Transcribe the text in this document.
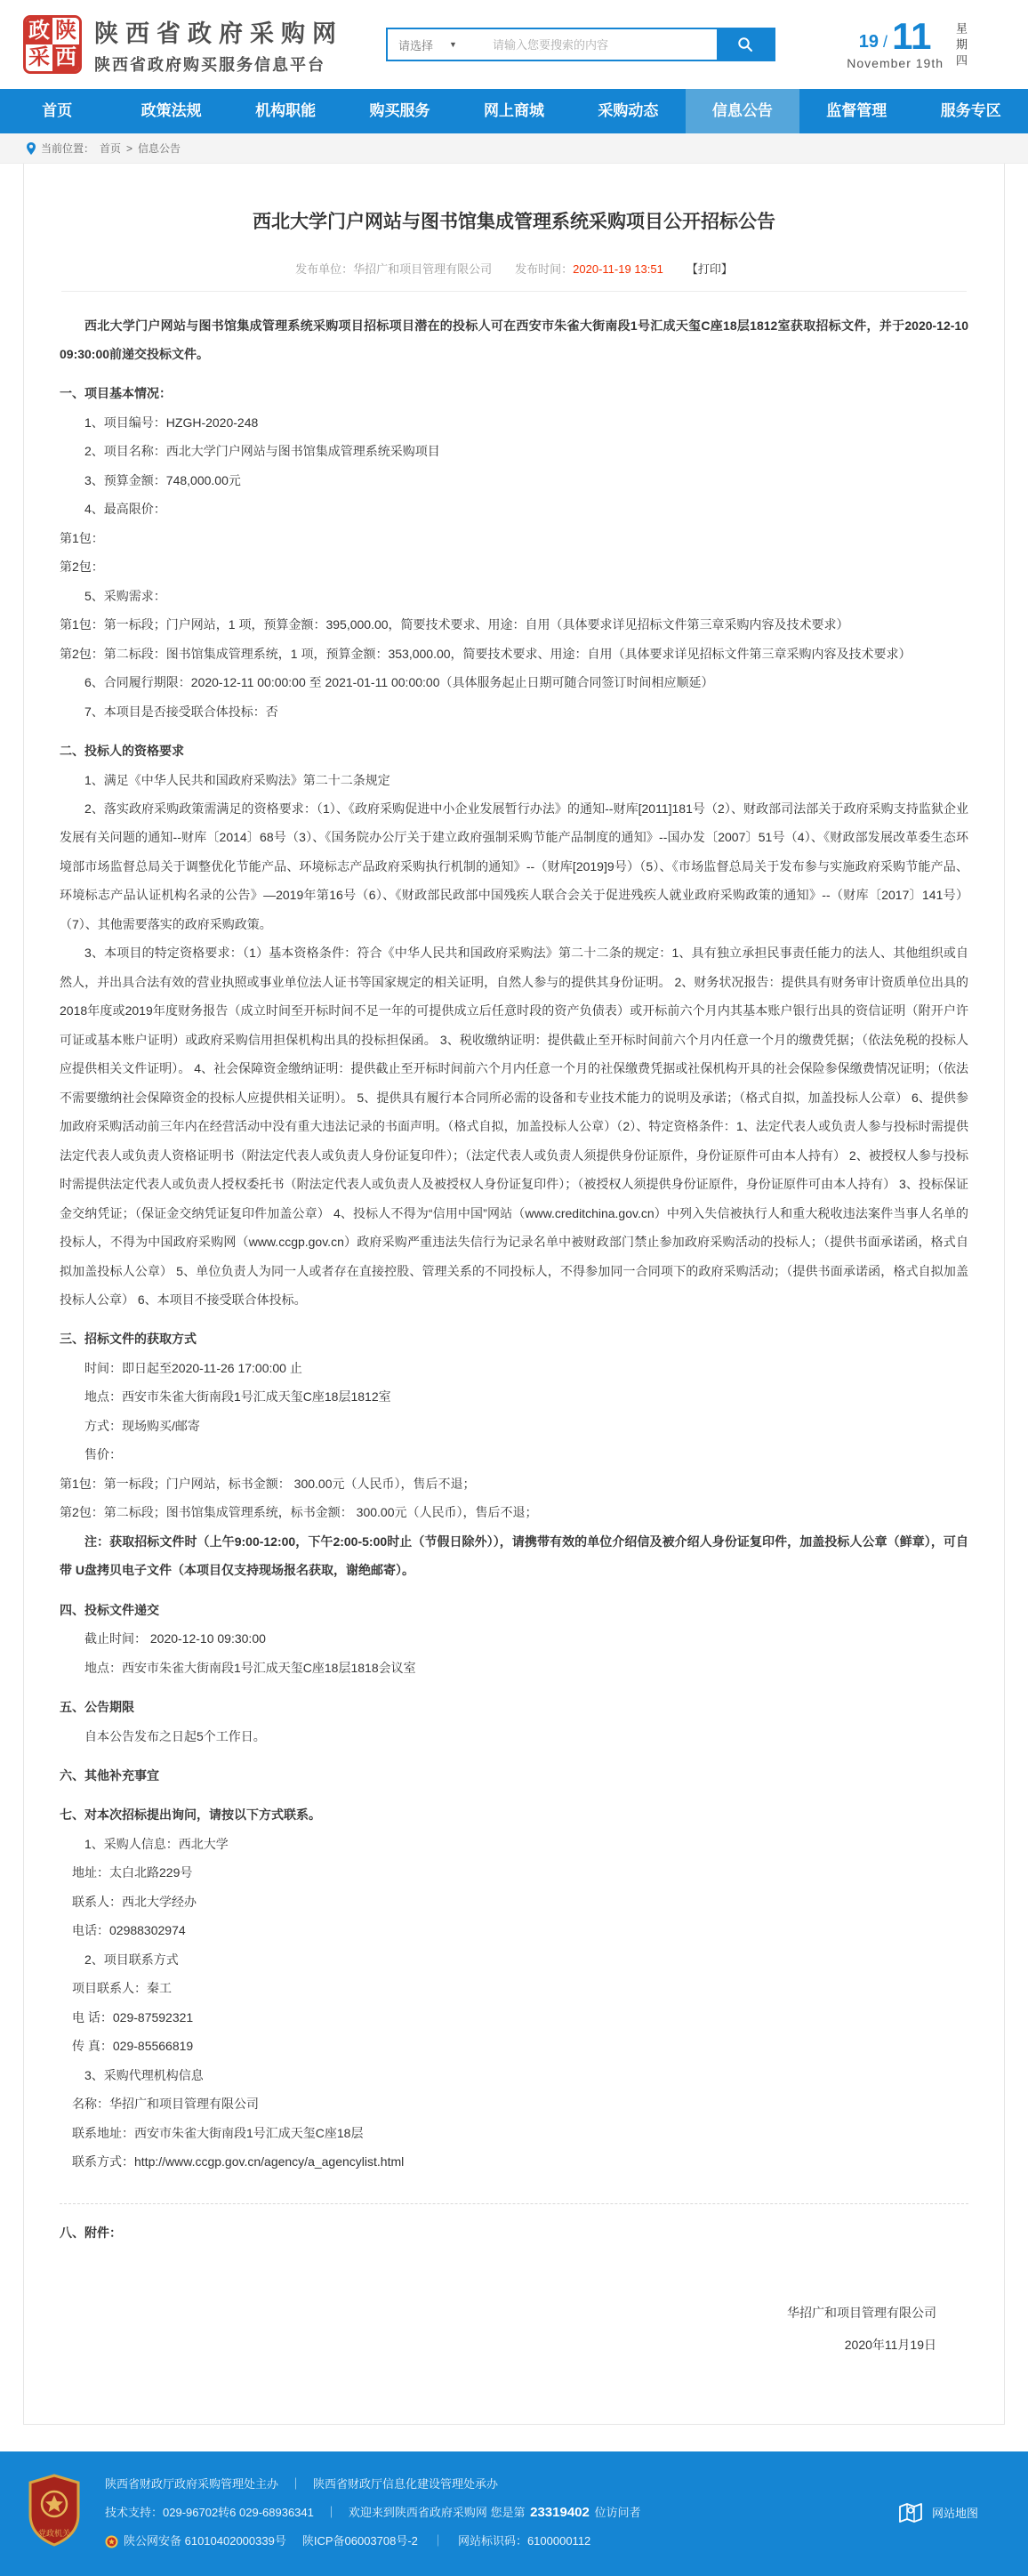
政 陕
采 西
陕西省政府采购网
陕西省政府购买服务信息平台
请选择 ▼
请输入您要搜索的内容	19 / 11
November 19th 星期四
首页	政策法规	机构职能	购买服务	网上商城	采购动态	信息公告	监督管理	服务专区
当前位置： 首页 > 信息公告
西北大学门户网站与图书馆集成管理系统采购项目公开招标公告
发布单位：华招广和项目管理有限公司 发布时间：2020-11-19 13:51 【打印】

西北大学门户网站与图书馆集成管理系统采购项目招标项目潜在的投标人可在西安市朱雀大街南段1号汇成天玺C座18层1812室获取招标文件，并于2020-12-10 09:30:00前递交投标文件。

一、项目基本情况：

1、项目编号：HZGH-2020-248

2、项目名称：西北大学门户网站与图书馆集成管理系统采购项目

3、预算金额：748,000.00元

4、最高限价：

第1包：

第2包：

5、采购需求：

第1包：第一标段；门户网站，1 项，预算金额：395,000.00，简要技术要求、用途：自用（具体要求详见招标文件第三章采购内容及技术要求）

第2包：第二标段：图书馆集成管理系统，1 项，预算金额：353,000.00，简要技术要求、用途：自用（具体要求详见招标文件第三章采购内容及技术要求）

6、合同履行期限：2020-12-11 00:00:00 至 2021-01-11 00:00:00（具体服务起止日期可随合同签订时间相应顺延）

7、本项目是否接受联合体投标：否

二、投标人的资格要求

1、满足《中华人民共和国政府采购法》第二十二条规定

2、落实政府采购政策需满足的资格要求：（1）、《政府采购促进中小企业发展暂行办法》的通知--财库[2011]181号（2）、财政部司法部关于政府采购支持监狱企业发展有关问题的通知--财库〔2014〕68号（3）、《国务院办公厅关于建立政府强制采购节能产品制度的通知》--国办发〔2007〕51号（4）、《财政部发展改革委生态环境部市场监督总局关于调整优化节能产品、环境标志产品政府采购执行机制的通知》--（财库[2019]9号）（5）、《市场监督总局关于发布参与实施政府采购节能产品、环境标志产品认证机构名录的公告》—2019年第16号（6）、《财政部民政部中国残疾人联合会关于促进残疾人就业政府采购政策的通知》--（财库〔2017〕141号）（7）、其他需要落实的政府采购政策。

3、本项目的特定资格要求：（1）基本资格条件：符合《中华人民共和国政府采购法》第二十二条的规定：1、具有独立承担民事责任能力的法人、其他组织或自然人，并出具合法有效的营业执照或事业单位法人证书等国家规定的相关证明，自然人参与的提供其身份证明。 2、财务状况报告：提供具有财务审计资质单位出具的2018年度或2019年度财务报告（成立时间至开标时间不足一年的可提供成立后任意时段的资产负债表）或开标前六个月内其基本账户银行出具的资信证明（附开户许可证或基本账户证明）或政府采购信用担保机构出具的投标担保函。 3、税收缴纳证明：提供截止至开标时间前六个月内任意一个月的缴费凭据；（依法免税的投标人应提供相关文件证明）。 4、社会保障资金缴纳证明：提供截止至开标时间前六个月内任意一个月的社保缴费凭据或社保机构开具的社会保险参保缴费情况证明；（依法不需要缴纳社会保障资金的投标人应提供相关证明）。 5、提供具有履行本合同所必需的设备和专业技术能力的说明及承诺；（格式自拟，加盖投标人公章） 6、提供参加政府采购活动前三年内在经营活动中没有重大违法记录的书面声明。（格式自拟，加盖投标人公章）（2）、特定资格条件：1、法定代表人或负责人参与投标时需提供法定代表人或负责人资格证明书（附法定代表人或负责人身份证复印件）；（法定代表人或负责人须提供身份证原件，身份证原件可由本人持有） 2、被授权人参与投标时需提供法定代表人或负责人授权委托书（附法定代表人或负责人及被授权人身份证复印件）；（被授权人须提供身份证原件，身份证原件可由本人持有） 3、投标保证金交纳凭证；（保证金交纳凭证复印件加盖公章） 4、投标人不得为“信用中国”网站（www.creditchina.gov.cn）中列入失信被执行人和重大税收违法案件当事人名单的投标人，不得为中国政府采购网（www.ccgp.gov.cn）政府采购严重违法失信行为记录名单中被财政部门禁止参加政府采购活动的投标人；（提供书面承诺函，格式自拟加盖投标人公章） 5、单位负责人为同一人或者存在直接控股、管理关系的不同投标人，不得参加同一合同项下的政府采购活动；（提供书面承诺函，格式自拟加盖投标人公章） 6、本项目不接受联合体投标。

三、招标文件的获取方式

时间：即日起至2020-11-26 17:00:00 止

地点：西安市朱雀大街南段1号汇成天玺C座18层1812室

方式：现场购买/邮寄

售价：

第1包：第一标段；门户网站，标书金额： 300.00元（人民币），售后不退；

第2包：第二标段；图书馆集成管理系统，标书金额： 300.00元（人民币），售后不退；

注：获取招标文件时（上午9:00-12:00，下午2:00-5:00时止（节假日除外）），请携带有效的单位介绍信及被介绍人身份证复印件，加盖投标人公章（鲜章），可自带 U盘拷贝电子文件（本项目仅支持现场报名获取，谢绝邮寄）。

四、投标文件递交

截止时间： 2020-12-10 09:30:00

地点：西安市朱雀大街南段1号汇成天玺C座18层1818会议室

五、公告期限

自本公告发布之日起5个工作日。

六、其他补充事宜

七、对本次招标提出询问，请按以下方式联系。

1、采购人信息：西北大学

地址：太白北路229号

联系人：西北大学经办

电话：02988302974

2、项目联系方式

项目联系人：秦工

电 话：029-87592321

传 真：029-85566819

3、采购代理机构信息

名称：华招广和项目管理有限公司

联系地址：西安市朱雀大街南段1号汇成天玺C座18层

联系方式：http://www.ccgp.gov.cn/agency/a_agencylist.html

八、附件：

华招广和项目管理有限公司

2020年11月19日

党政机关
陕西省财政厅政府采购管理处主办　｜　陕西省财政厅信息化建设管理处承办
技术支持：029-96702转6 029-68936341　｜　欢迎来到陕西省政府采购网 您是第 23319402 位访问者
陕公网安备 61010402000339号 陕ICP备06003708号-2 ｜ 网站标识码：6100000112
网站地图
